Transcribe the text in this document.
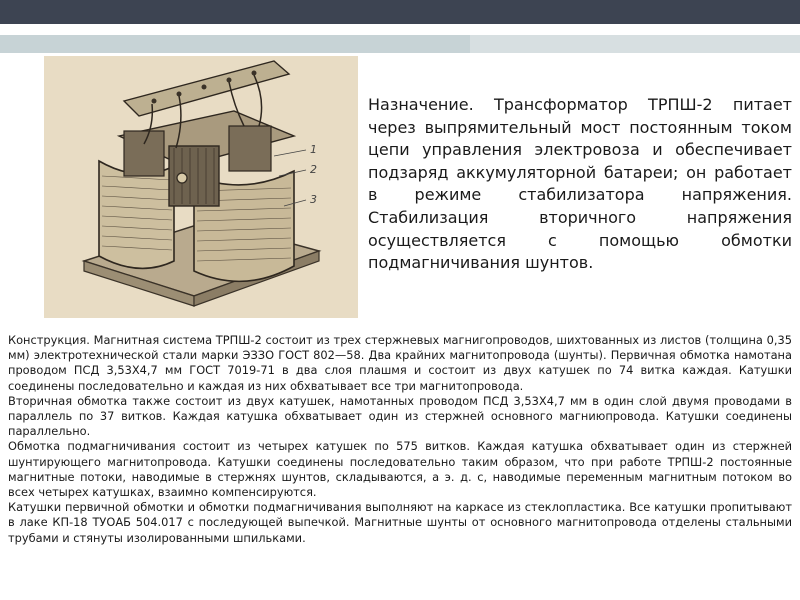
1
2
3

Назначение. Трансформатор ТРПШ-2 питает через выпрямительный мост постоянным током цепи управления электровоза и обеспечивает подзаряд аккумуляторной батареи; он работает в режиме стабилизатора напряжения. Стабилизация вторичного напряжения осуществляется с помощью обмотки подмагничивания шунтов.

Конструкция. Магнитная система ТРПШ-2 состоит из трех стержневых магнигопроводов, шихтованных из листов (толщина 0,35 мм) электротехнической стали марки ЭЗЗО ГОСТ 802—58. Два крайних магнитопровода (шунты). Первичная обмотка намотана проводом ПСД 3,53Х4,7 мм ГОСТ 7019-71 в два слоя плашмя и состоит из двух катушек по 74 витка каждая. Катушки соединены последовательно и каждая из них обхватывает все три магнитопровода.

Вторичная обмотка также состоит из двух катушек, намотанных проводом ПСД 3,53Х4,7 мм в один слой двумя проводами в параллель по 37 витков. Каждая катушка обхватывает один из стержней основного магниюпровода. Катушки соединены параллельно.

Обмотка подмагничивания состоит из четырех катушек по 575 витков. Каждая катушка обхватывает один из стержней шунтирующего магнитопровода. Катушки соединены последовательно таким образом, что при работе ТРПШ-2 постоянные магнитные потоки, наводимые в стержнях шунтов, складываются, а э. д. с, наводимые переменным магнитным потоком во всех четырех катушках, взаимно компенсируются.

Катушки первичной обмотки и обмотки подмагничивания выполняют на каркасе из стеклопластика. Все катушки пропитывают в лаке КП-18 ТУОАБ 504.017 с последующей выпечкой. Магнитные шунты от основного магнитопровода отделены стальными трубами и стянуты изолированными шпильками.
